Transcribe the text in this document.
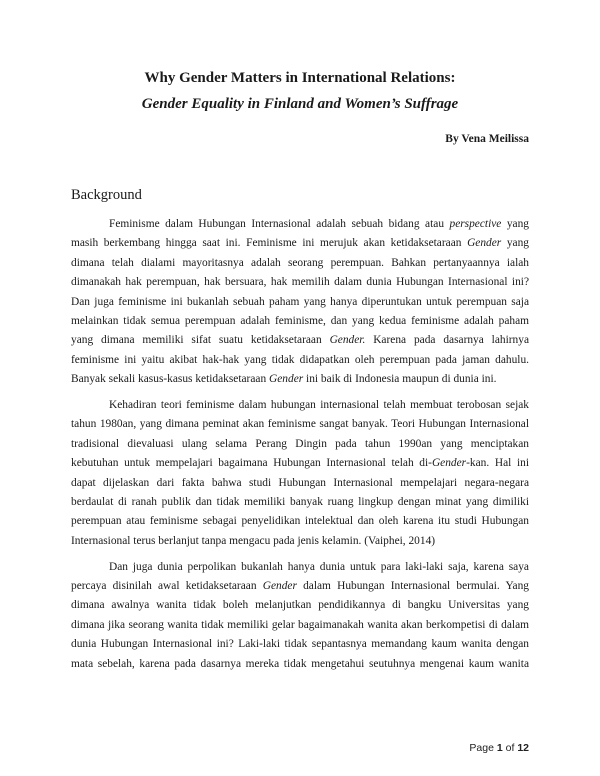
Why Gender Matters in International Relations:
Gender Equality in Finland and Women’s Suffrage
By Vena Meilissa
Background
Feminisme dalam Hubungan Internasional adalah sebuah bidang atau perspective yang
masih berkembang hingga saat ini. Feminisme ini merujuk akan ketidaksetaraan Gender yang
dimana telah dialami mayoritasnya adalah seorang perempuan. Bahkan pertanyaannya ialah
dimanakah hak perempuan, hak bersuara, hak memilih dalam dunia Hubungan Internasional ini?
Dan juga feminisme ini bukanlah sebuah paham yang hanya diperuntukan untuk perempuan saja
melainkan tidak semua perempuan adalah feminisme, dan yang kedua feminisme adalah paham
yang dimana memiliki sifat suatu ketidaksetaraan Gender. Karena pada dasarnya lahirnya
feminisme ini yaitu akibat hak-hak yang tidak didapatkan oleh perempuan pada jaman dahulu.
Banyak sekali kasus-kasus ketidaksetaraan Gender ini baik di Indonesia maupun di dunia ini.
Kehadiran teori feminisme dalam hubungan internasional telah membuat terobosan sejak
tahun 1980an, yang dimana peminat akan feminisme sangat banyak. Teori Hubungan Internasional
tradisional dievaluasi ulang selama Perang Dingin pada tahun 1990an yang menciptakan
kebutuhan untuk mempelajari bagaimana Hubungan Internasional telah di-Gender-kan. Hal ini
dapat dijelaskan dari fakta bahwa studi Hubungan Internasional mempelajari negara-negara
berdaulat di ranah publik dan tidak memiliki banyak ruang lingkup dengan minat yang dimiliki
perempuan atau feminisme sebagai penyelidikan intelektual dan oleh karena itu studi Hubungan
Internasional terus berlanjut tanpa mengacu pada jenis kelamin. (Vaiphei, 2014)
Dan juga dunia perpolikan bukanlah hanya dunia untuk para laki-laki saja, karena saya
percaya disinilah awal ketidaksetaraan Gender dalam Hubungan Internasional bermulai. Yang
dimana awalnya wanita tidak boleh melanjutkan pendidikannya di bangku Universitas yang
dimana jika seorang wanita tidak memiliki gelar bagaimanakah wanita akan berkompetisi di dalam
dunia Hubungan Internasional ini? Laki-laki tidak sepantasnya memandang kaum wanita dengan
mata sebelah, karena pada dasarnya mereka tidak mengetahui seutuhnya mengenai kaum wanita
Page 1 of 12
